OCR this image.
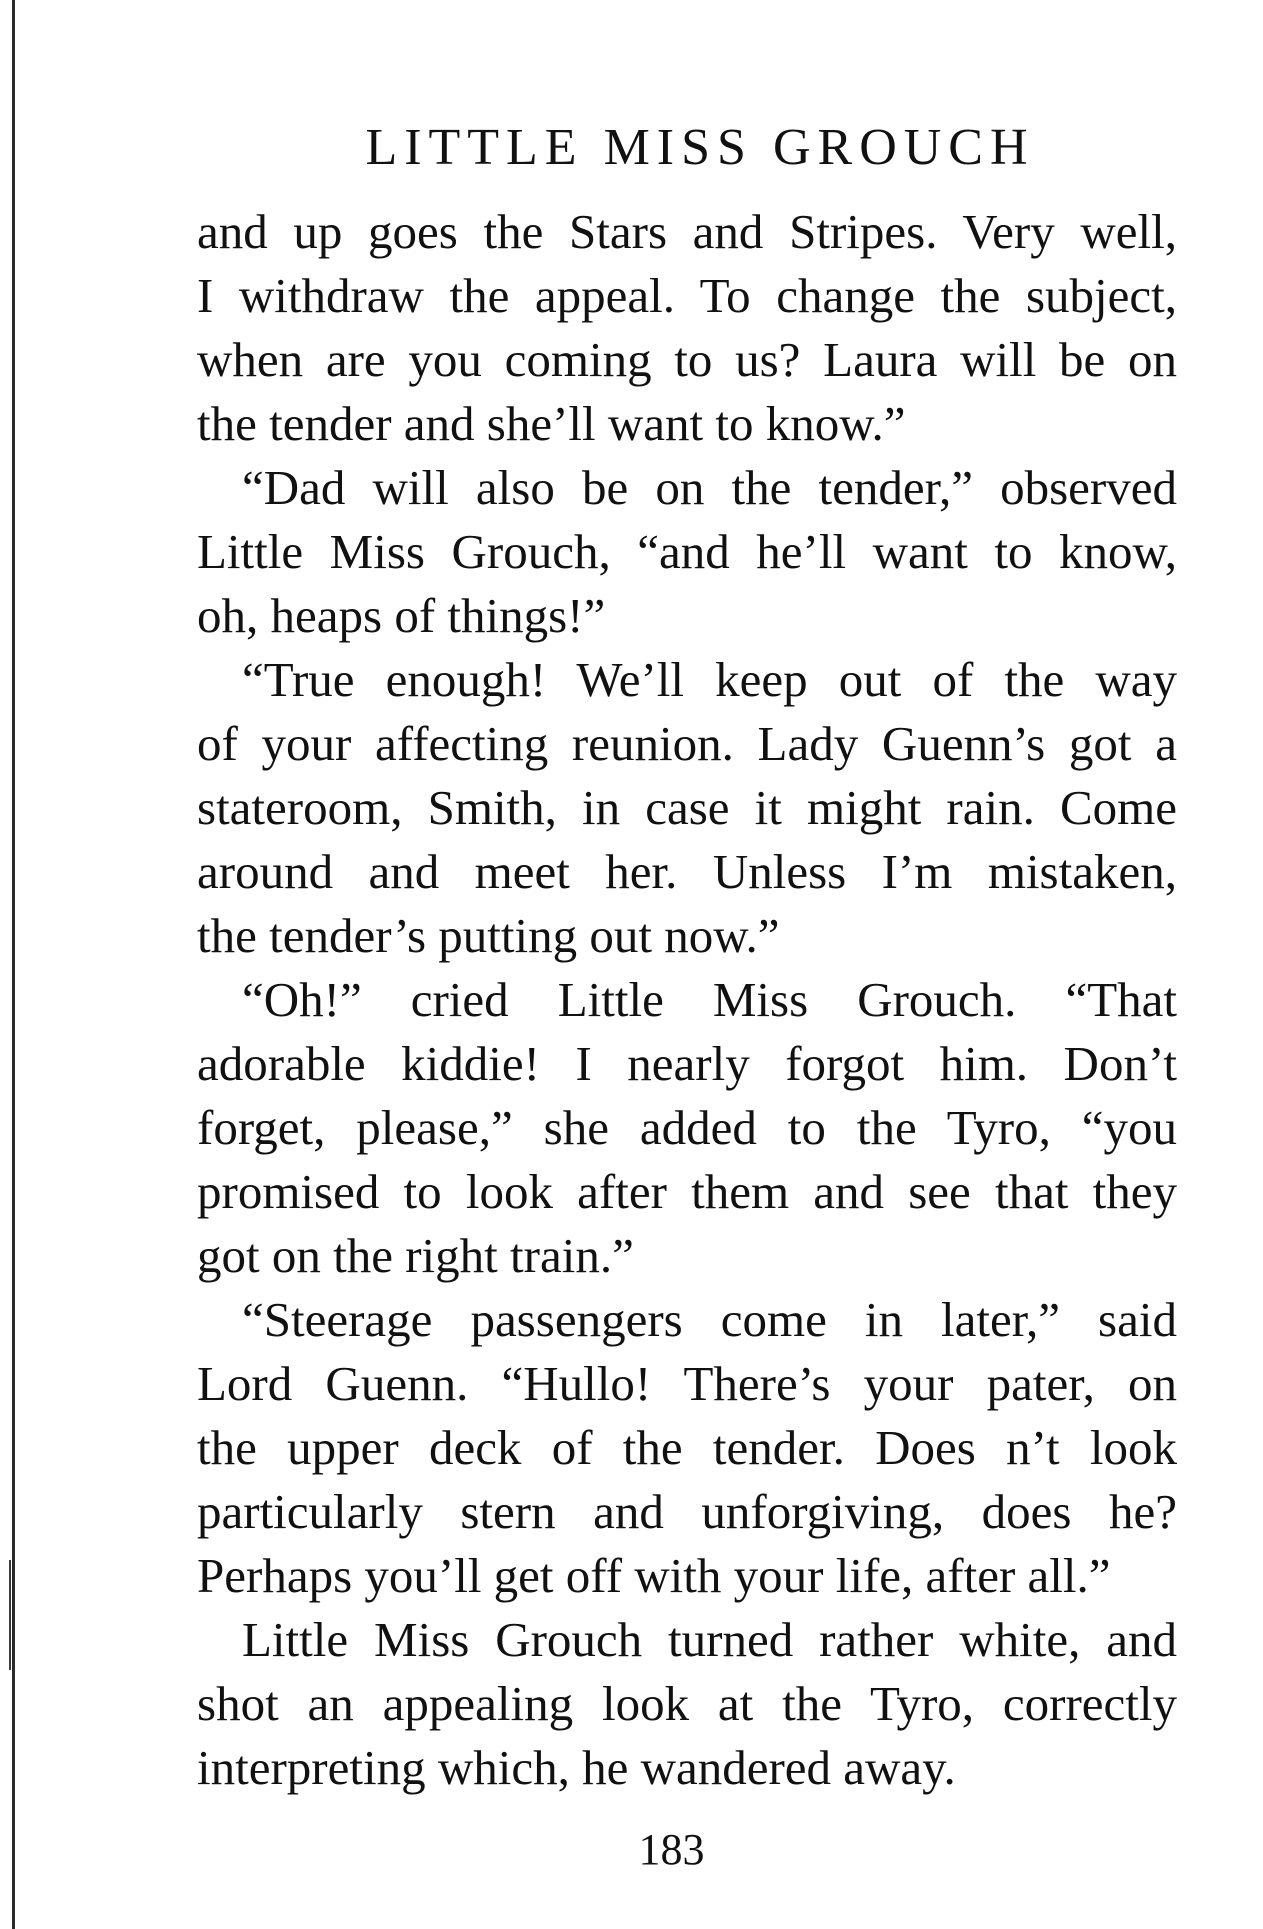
LITTLE MISS GROUCH
and up goes the Stars and Stripes. Very well,
I withdraw the appeal. To change the subject,
when are you coming to us? Laura will be on
the tender and she’ll want to know.”
“Dad will also be on the tender,” observed
Little Miss Grouch, “and he’ll want to know,
oh, heaps of things!”
“True enough! We’ll keep out of the way
of your affecting reunion. Lady Guenn’s got a
stateroom, Smith, in case it might rain. Come
around and meet her. Unless I’m mistaken,
the tender’s putting out now.”
“Oh!” cried Little Miss Grouch. “That
adorable kiddie! I nearly forgot him. Don’t
forget, please,” she added to the Tyro, “you
promised to look after them and see that they
got on the right train.”
“Steerage passengers come in later,” said
Lord Guenn. “Hullo! There’s your pater, on
the upper deck of the tender. Does n’t look
particularly stern and unforgiving, does he?
Perhaps you’ll get off with your life, after all.”
Little Miss Grouch turned rather white, and
shot an appealing look at the Tyro, correctly
interpreting which, he wandered away.
183
